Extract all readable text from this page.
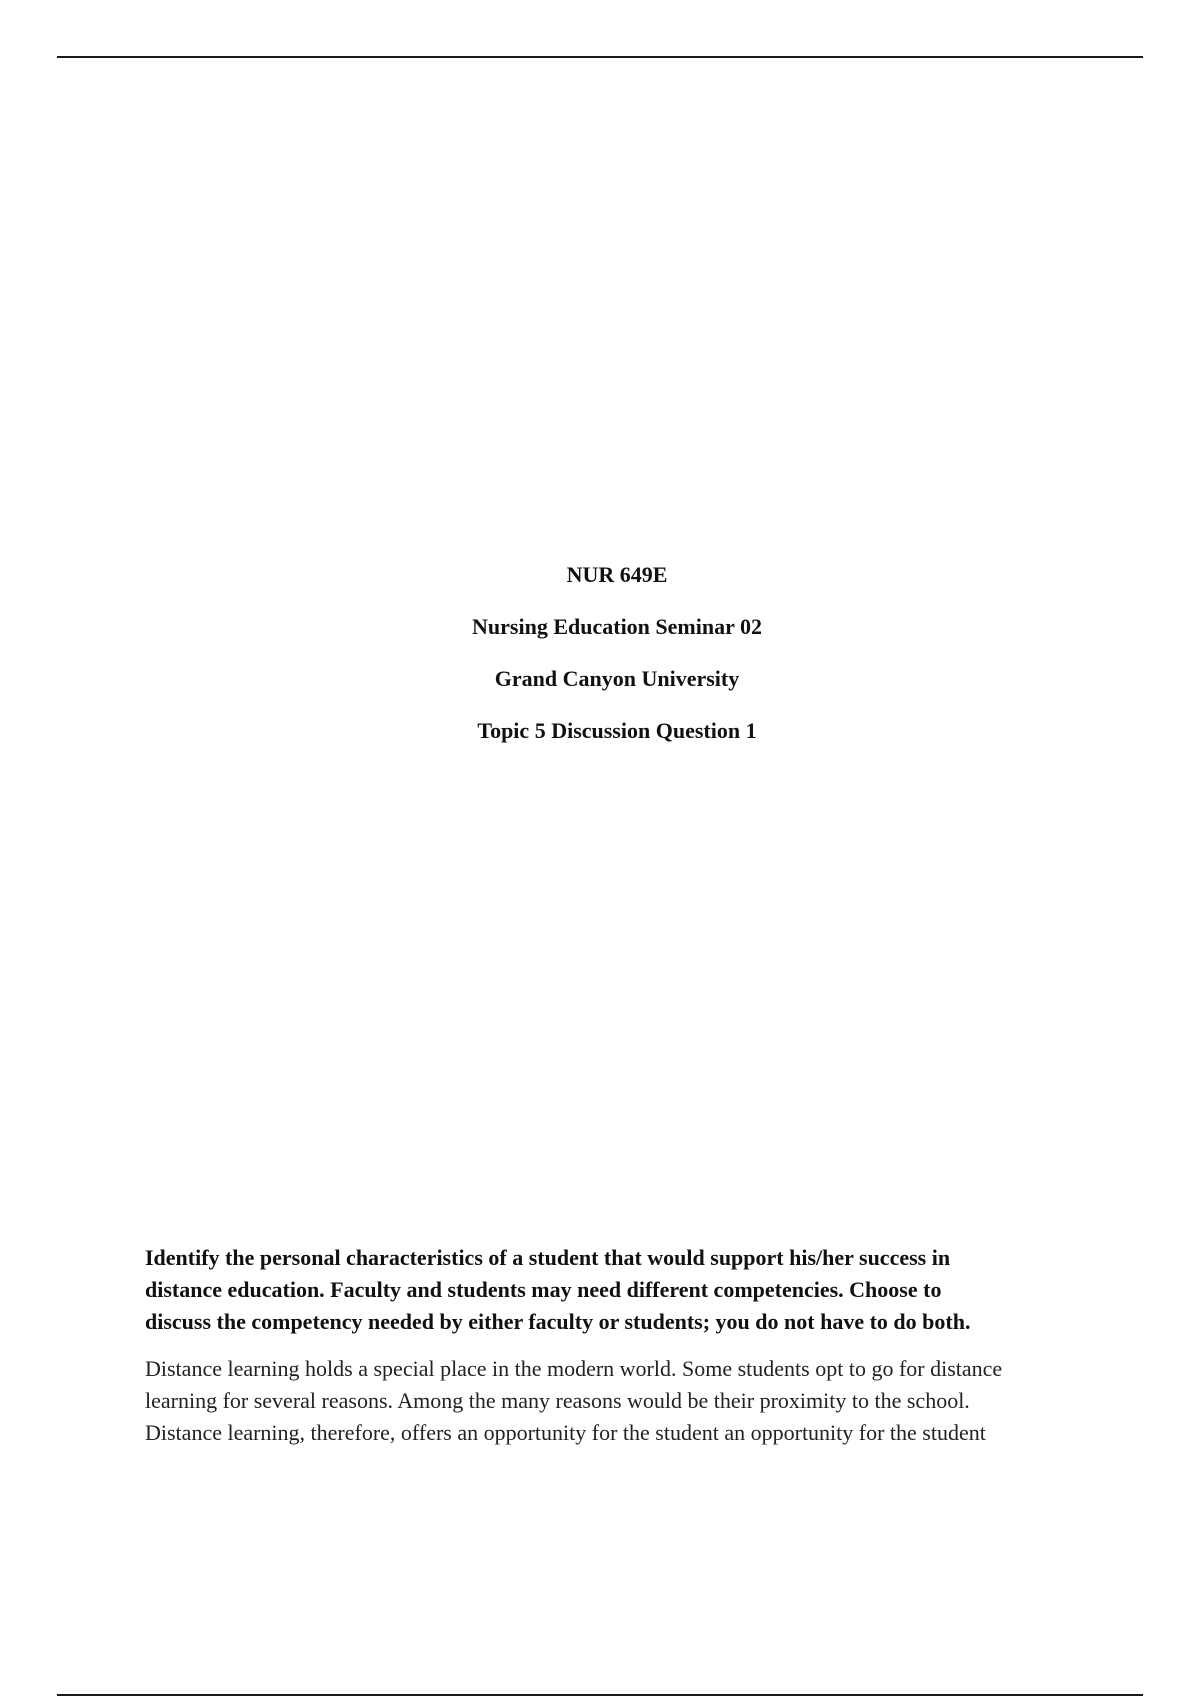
NUR 649E

Nursing Education Seminar 02

Grand Canyon University

Topic 5 Discussion Question 1

Identify the personal characteristics of a student that would support his/her success in
distance education. Faculty and students may need different competencies. Choose to
discuss the competency needed by either faculty or students; you do not have to do both.

Distance learning holds a special place in the modern world. Some students opt to go for distance
learning for several reasons. Among the many reasons would be their proximity to the school.
Distance learning, therefore, offers an opportunity for the student an opportunity for the student
